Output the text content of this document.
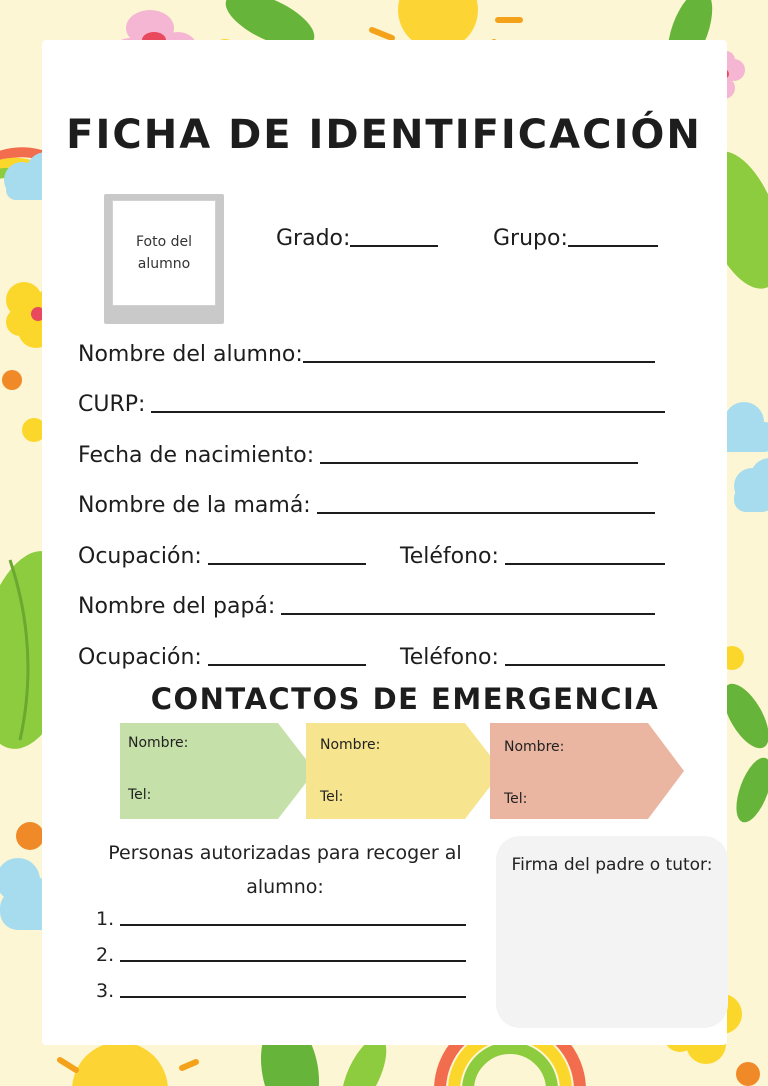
FICHA DE IDENTIFICACIÓN
Foto del alumno
Grado:	Grupo:
Nombre del alumno:
CURP:
Fecha de nacimiento:
Nombre de la mamá:
Ocupación:	Teléfono:
Nombre del papá:
Ocupación:	Teléfono:
CONTACTOS DE EMERGENCIA
Nombre:
Tel:
Nombre:
Tel:
Nombre:
Tel:
Personas autorizadas para recoger al alumno:
1.
2.
3.
Firma del padre o tutor:
